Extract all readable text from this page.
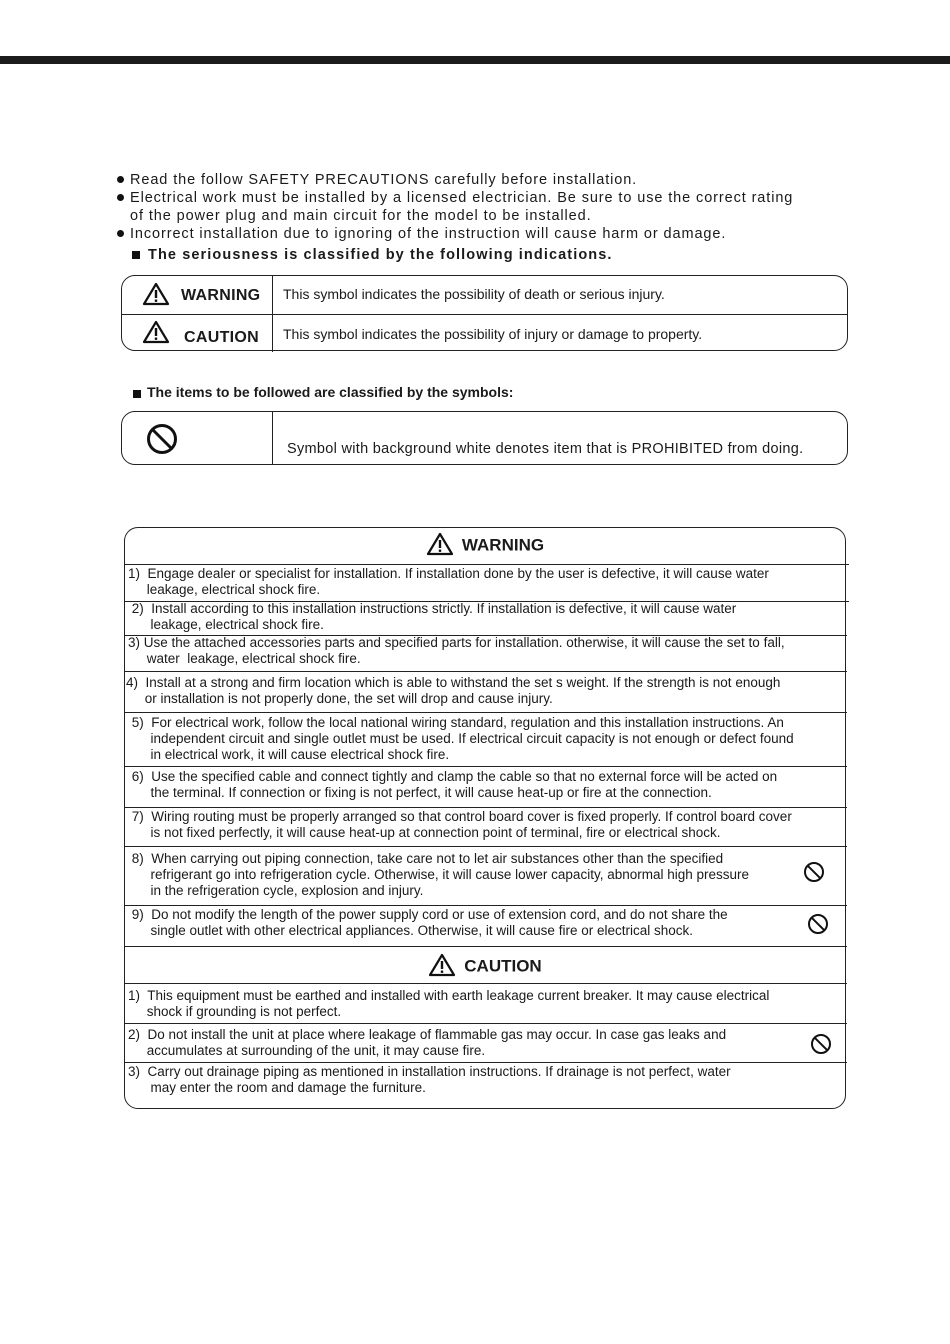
Read the follow SAFETY PRECAUTIONS carefully before installation.
Electrical work must be installed by a licensed electrician. Be sure to use the correct rating
of the power plug and main circuit for the model to be installed.
Incorrect installation due to ignoring of the instruction will cause harm or damage.
The seriousness is classified by the following indications.
WARNING This symbol indicates the possibility of death or serious injury.
CAUTION This symbol indicates the possibility of injury or damage to property.
The items to be followed are classified by the symbols:
Symbol with background white denotes item that is PROHIBITED from doing.
WARNING
1)  Engage dealer or specialist for installation. If installation done by the user is defective, it will cause water
leakage, electrical shock fire.
2)  Install according to this installation instructions strictly. If installation is defective, it will cause water
leakage, electrical shock fire.
3) Use the attached accessories parts and specified parts for installation. otherwise, it will cause the set to fall,
water  leakage, electrical shock fire.
4)  Install at a strong and firm location which is able to withstand the set s weight. If the strength is not enough
or installation is not properly done, the set will drop and cause injury.
5)  For electrical work, follow the local national wiring standard, regulation and this installation instructions. An
independent circuit and single outlet must be used. If electrical circuit capacity is not enough or defect found
in electrical work, it will cause electrical shock fire.
6)  Use the specified cable and connect tightly and clamp the cable so that no external force will be acted on
the terminal. If connection or fixing is not perfect, it will cause heat-up or fire at the connection.
7)  Wiring routing must be properly arranged so that control board cover is fixed properly. If control board cover
is not fixed perfectly, it will cause heat-up at connection point of terminal, fire or electrical shock.
8)  When carrying out piping connection, take care not to let air substances other than the specified
refrigerant go into refrigeration cycle. Otherwise, it will cause lower capacity, abnormal high pressure
in the refrigeration cycle, explosion and injury.
9)  Do not modify the length of the power supply cord or use of extension cord, and do not share the
single outlet with other electrical appliances. Otherwise, it will cause fire or electrical shock.
CAUTION
1)  This equipment must be earthed and installed with earth leakage current breaker. It may cause electrical
shock if grounding is not perfect.
2)  Do not install the unit at place where leakage of flammable gas may occur. In case gas leaks and
accumulates at surrounding of the unit, it may cause fire.
3)  Carry out drainage piping as mentioned in installation instructions. If drainage is not perfect, water
may enter the room and damage the furniture.
